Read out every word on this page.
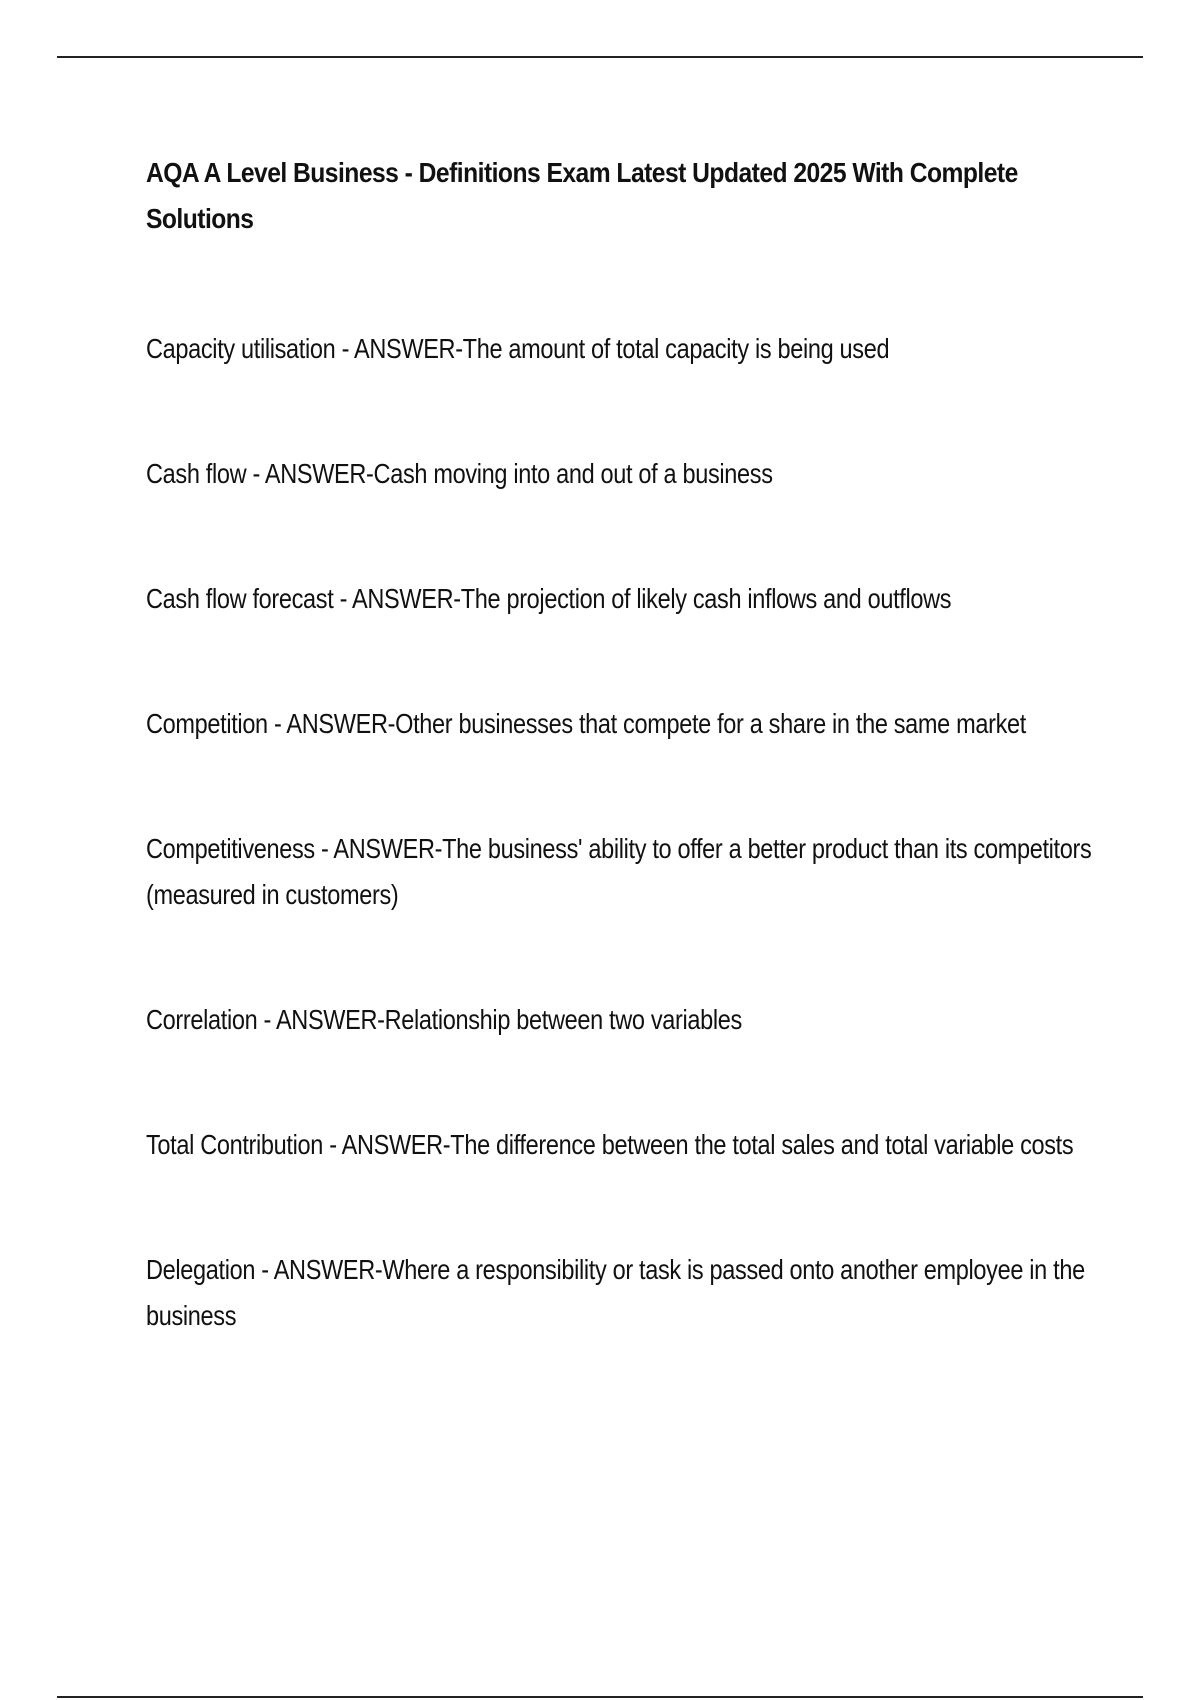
AQA A Level Business - Definitions Exam Latest Updated 2025 With Complete Solutions

Capacity utilisation - ANSWER-The amount of total capacity is being used

Cash flow - ANSWER-Cash moving into and out of a business

Cash flow forecast - ANSWER-The projection of likely cash inflows and outflows

Competition - ANSWER-Other businesses that compete for a share in the same market

Competitiveness - ANSWER-The business' ability to offer a better product than its competitors (measured in customers)

Correlation - ANSWER-Relationship between two variables

Total Contribution - ANSWER-The difference between the total sales and total variable costs

Delegation - ANSWER-Where a responsibility or task is passed onto another employee in the business
